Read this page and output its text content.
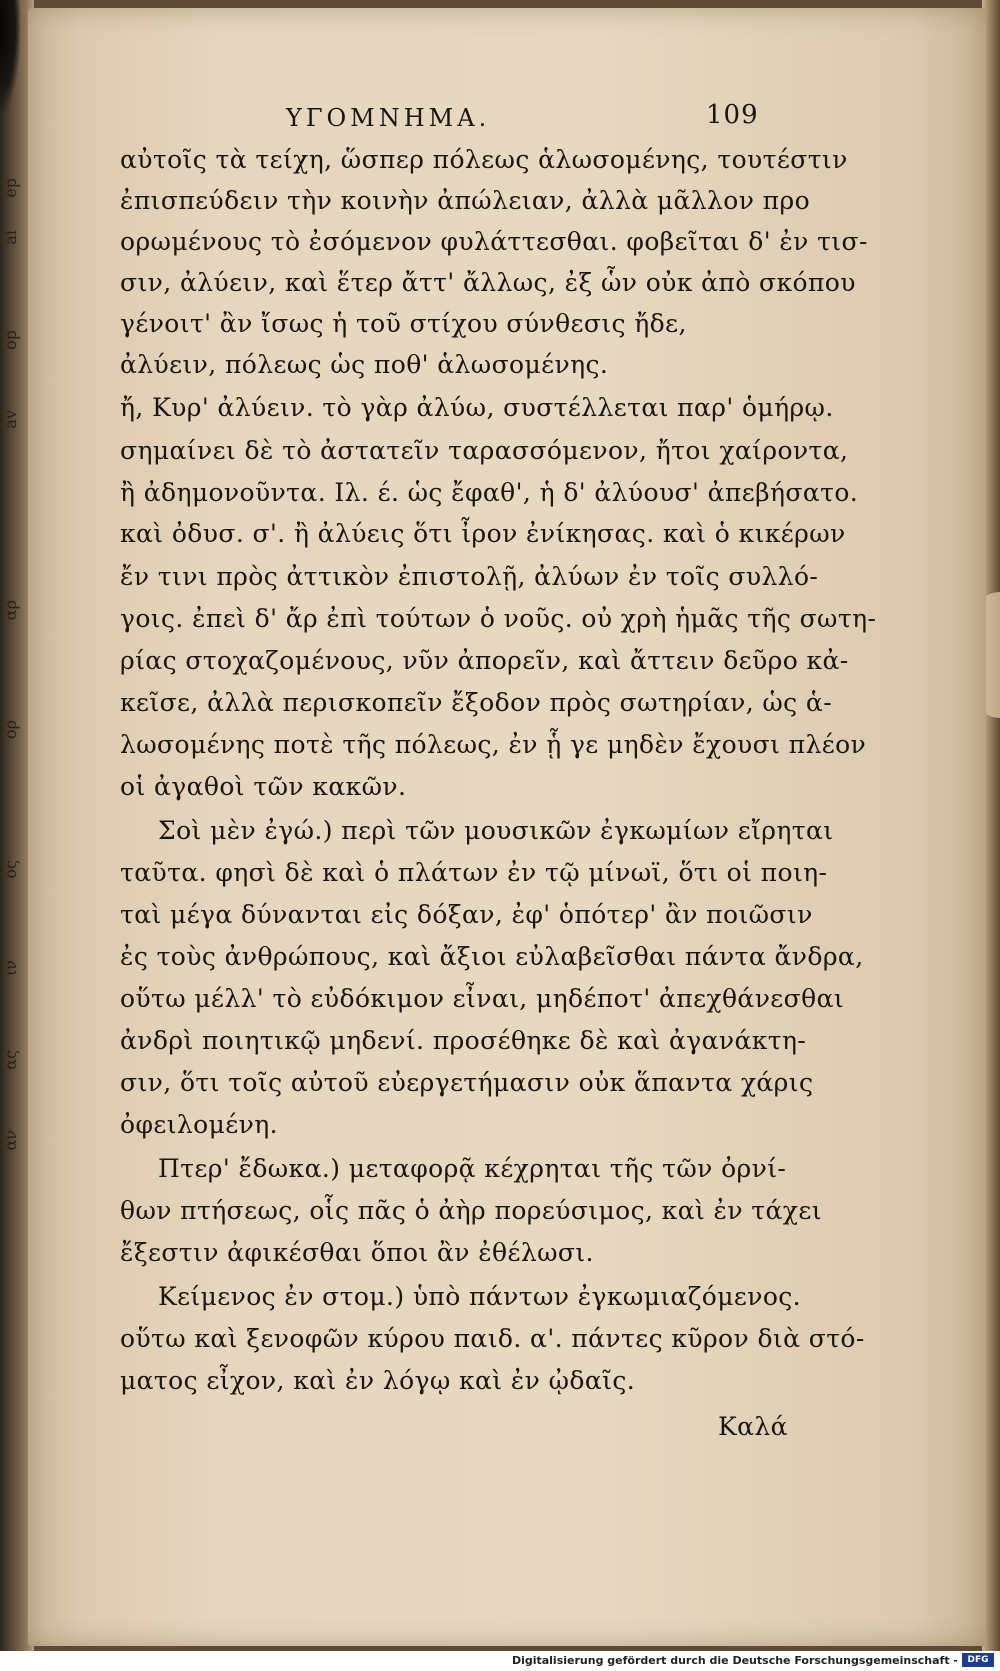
ep
ai
op
av
αρ
ορ
ος
ιν
ας
αν
ΥΓΟΜΝΗΜΑ.	109
αὐτοῖς τὰ τείχη, ὥσπερ πόλεως ἁλωσομένης, τουτέστιν
ἐπισπεύδειν τὴν κοινὴν ἀπώλειαν, ἀλλὰ μᾶλλον προ
ορωμένους τὸ ἐσόμενον φυλάττεσθαι. φοβεῖται δ' ἐν τισ-
σιν, ἀλύειν, καὶ ἕτερ ἄττ' ἄλλως, ἐξ ὧν οὐκ ἀπὸ σκόπου
γένοιτ' ἂν ἴσως ἡ τοῦ στίχου σύνθεσις ἤδε,
ἀλύειν, πόλεως ὡς ποθ' ἁλωσομένης.
ἤ, Κυρ' ἀλύειν. τὸ γὰρ ἀλύω, συστέλλεται παρ' ὁμήρῳ.
σημαίνει δὲ τὸ ἀστατεῖν ταρασσόμενον, ἤτοι χαίροντα,
ἢ ἀδημονοῦντα. Ιλ. έ. ὡς ἔφαθ', ἡ δ' ἀλύουσ' ἀπεβήσατο.
καὶ ὀδυσ. σ'. ἢ ἀλύεις ὅτι ἶρον ἐνίκησας. καὶ ὁ κικέρων
ἔν τινι πρὸς ἀττικὸν ἐπιστολῇ, ἀλύων ἐν τοῖς συλλό-
γοις. ἐπεὶ δ' ἄρ ἐπὶ τούτων ὁ νοῦς. οὐ χρὴ ἡμᾶς τῆς σωτη-
ρίας στοχαζομένους, νῦν ἀπορεῖν, καὶ ἄττειν δεῦρο κἀ-
κεῖσε, ἀλλὰ περισκοπεῖν ἔξοδον πρὸς σωτηρίαν, ὡς ἁ-
λωσομένης ποτὲ τῆς πόλεως, ἐν ᾗ γε μηδὲν ἔχουσι πλέον
οἱ ἀγαθοὶ τῶν κακῶν.
Σοὶ μὲν ἐγώ.) περὶ τῶν μουσικῶν ἐγκωμίων εἴρηται
ταῦτα. φησὶ δὲ καὶ ὁ πλάτων ἐν τῷ μίνωϊ, ὅτι οἱ ποιη-
ταὶ μέγα δύνανται εἰς δόξαν, ἐφ' ὁπότερ' ἂν ποιῶσιν
ἐς τοὺς ἀνθρώπους, καὶ ἄξιοι εὐλαβεῖσθαι πάντα ἄνδρα,
οὕτω μέλλ' τὸ εὐδόκιμον εἶναι, μηδέποτ' ἀπεχθάνεσθαι
ἀνδρὶ ποιητικῷ μηδενί. προσέθηκε δὲ καὶ ἀγανάκτη-
σιν, ὅτι τοῖς αὐτοῦ εὐεργετήμασιν οὐκ ἅπαντα χάρις
ὀφειλομένη.
Πτερ' ἔδωκα.) μεταφορᾷ κέχρηται τῆς τῶν ὀρνί-
θων πτήσεως, οἷς πᾶς ὁ ἀὴρ πορεύσιμος, καὶ ἐν τάχει
ἔξεστιν ἀφικέσθαι ὅποι ἂν ἐθέλωσι.
Κείμενος ἐν στομ.) ὑπὸ πάντων ἐγκωμιαζόμενος.
οὕτω καὶ ξενοφῶν κύρου παιδ. α'. πάντες κῦρον διὰ στό-
ματος εἶχον, καὶ ἐν λόγῳ καὶ ἐν ᾠδαῖς.
Καλά
Digitalisierung gefördert durch die Deutsche Forschungsgemeinschaft -	DFG
